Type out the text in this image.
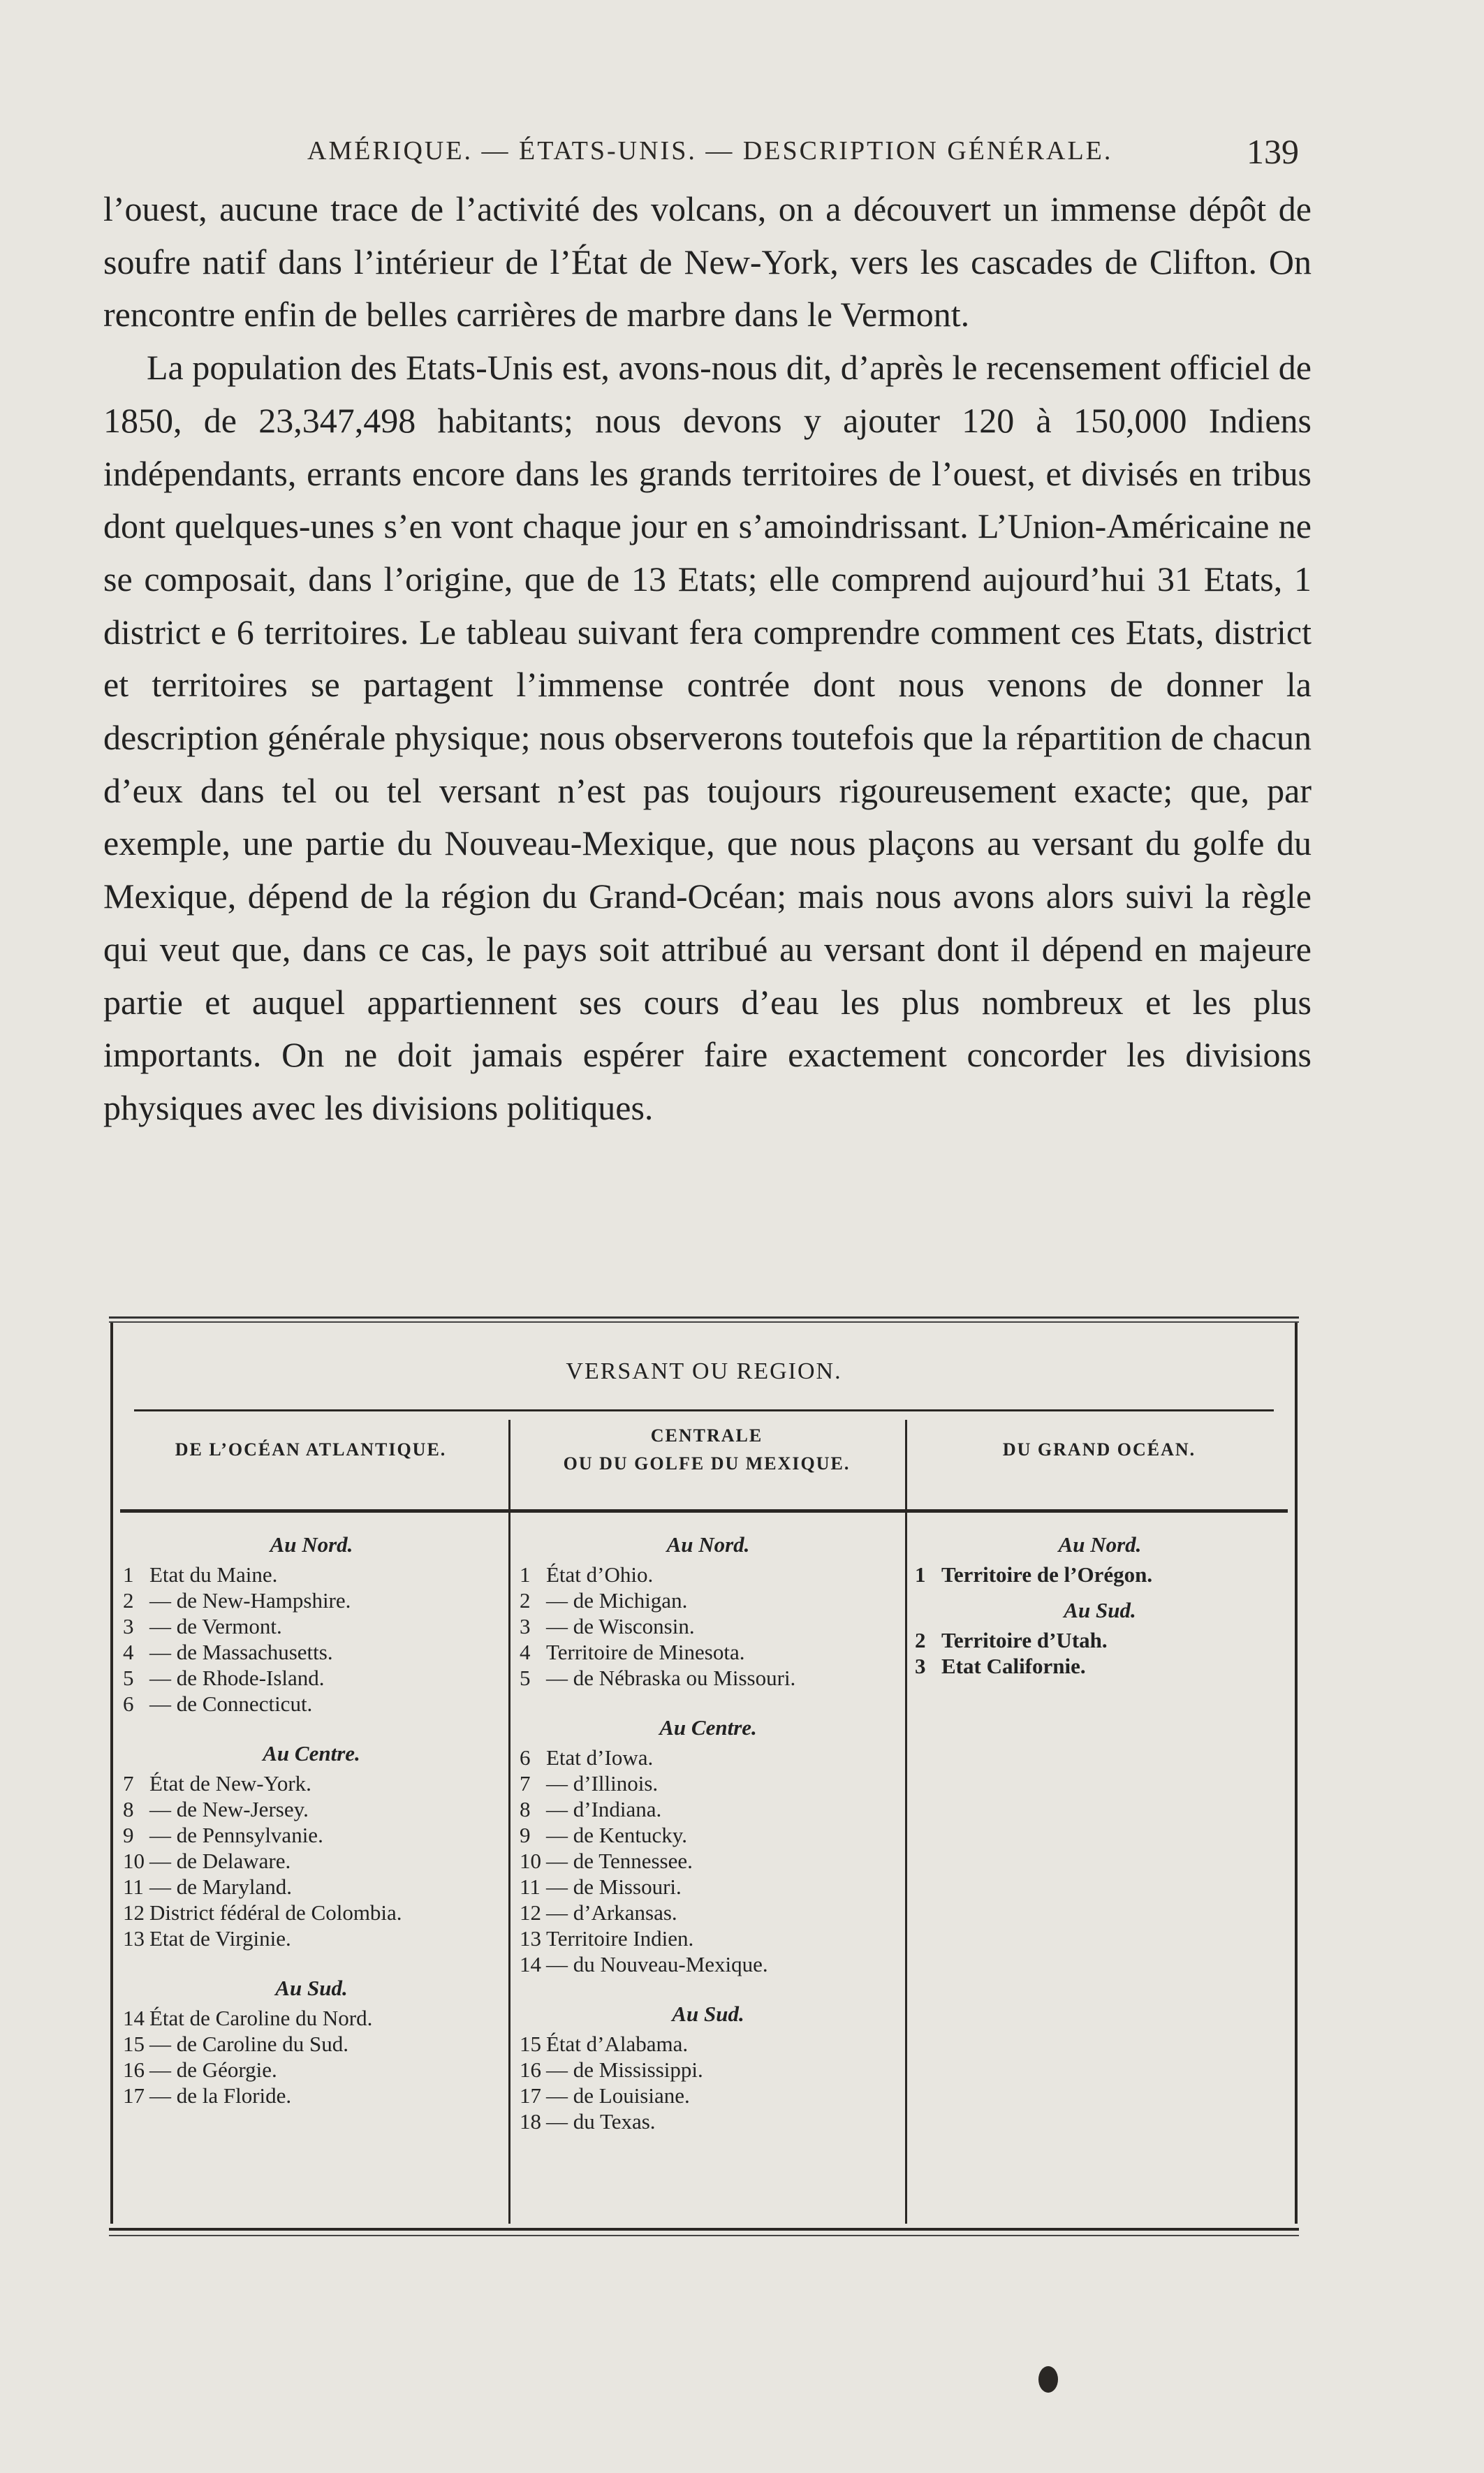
AMÉRIQUE. — ÉTATS-UNIS. — DESCRIPTION GÉNÉRALE.	139

l’ouest, aucune trace de l’activité des volcans, on a découvert un immense dépôt de soufre natif dans l’intérieur de l’État de New-York, vers les cascades de Clifton. On rencontre enfin de belles carrières de marbre dans le Vermont.

La population des Etats-Unis est, avons-nous dit, d’après le recensement officiel de 1850, de 23,347,498 habitants; nous devons y ajouter 120 à 150,000 Indiens indépendants, errants encore dans les grands territoires de l’ouest, et divisés en tribus dont quelques-unes s’en vont chaque jour en s’amoindrissant. L’Union-Américaine ne se composait, dans l’origine, que de 13 Etats; elle comprend aujourd’hui 31 Etats, 1 district e 6 territoires. Le tableau suivant fera comprendre comment ces Etats, district et territoires se partagent l’immense contrée dont nous venons de donner la description générale physique; nous observerons toutefois que la répartition de chacun d’eux dans tel ou tel versant n’est pas toujours rigoureusement exacte; que, par exemple, une partie du Nouveau-Mexique, que nous plaçons au versant du golfe du Mexique, dépend de la région du Grand-Océan; mais nous avons alors suivi la règle qui veut que, dans ce cas, le pays soit attribué au versant dont il dépend en majeure partie et auquel appartiennent ses cours d’eau les plus nombreux et les plus importants. On ne doit jamais espérer faire exactement concorder les divisions physiques avec les divisions politiques.

VERSANT OU REGION.
DE L’OCÉAN ATLANTIQUE.
CENTRALE
OU DU GOLFE DU MEXIQUE.
DU GRAND OCÉAN.
Au Nord.
1 Etat du Maine.
2 — de New-Hampshire.
3 — de Vermont.
4 — de Massachusetts.
5 — de Rhode-Island.
6 — de Connecticut.
Au Centre.
7 État de New-York.
8 — de New-Jersey.
9 — de Pennsylvanie.
10 — de Delaware.
11 — de Maryland.
12 District fédéral de Colombia.
13 Etat de Virginie.
Au Sud.
14 État de Caroline du Nord.
15 — de Caroline du Sud.
16 — de Géorgie.
17 — de la Floride.
Au Nord.
1 État d’Ohio.
2 — de Michigan.
3 — de Wisconsin.
4 Territoire de Minesota.
5 — de Nébraska ou Missouri.
Au Centre.
6 Etat d’Iowa.
7 — d’Illinois.
8 — d’Indiana.
9 — de Kentucky.
10 — de Tennessee.
11 — de Missouri.
12 — d’Arkansas.
13 Territoire Indien.
14 — du Nouveau-Mexique.
Au Sud.
15 État d’Alabama.
16 — de Mississippi.
17 — de Louisiane.
18 — du Texas.
Au Nord.
1 Territoire de l’Orégon.
Au Sud.
2 Territoire d’Utah.
3 Etat Californie.
